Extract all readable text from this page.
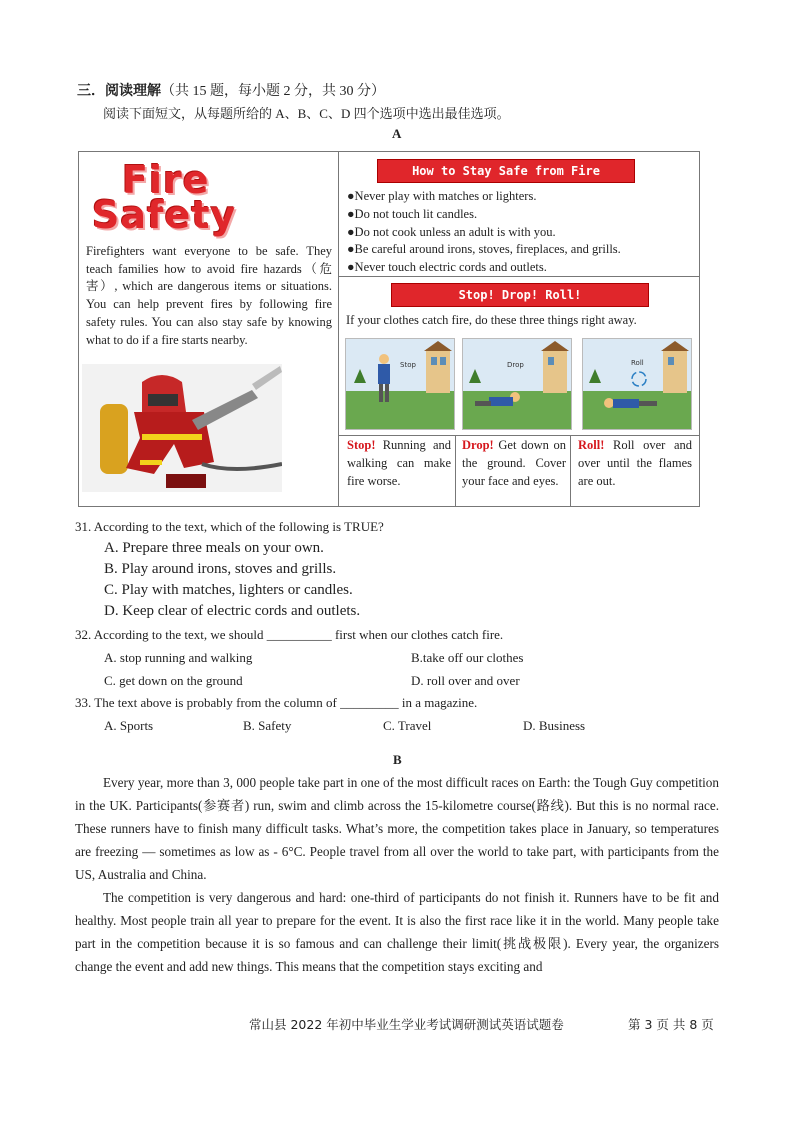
三．阅读理解（共 15 题，每小题 2 分，共 30 分）
阅读下面短文，从每题所给的 A、B、C、D 四个选项中选出最佳选项。
A
Fire
Safety
Firefighters want everyone to be safe. They teach families how to avoid fire hazards（危害）, which are dangerous items or situations. You can help prevent fires by following fire safety rules. You can also stay safe by knowing what to do if a fire starts nearby.
How to Stay Safe from Fire
●Never play with matches or lighters.
●Do not touch lit candles.
●Do not cook unless an adult is with you.
●Be careful around irons, stoves, fireplaces, and grills.
●Never touch electric cords and outlets.
Stop! Drop! Roll!
If your clothes catch fire, do these three things right away.
Stop	Drop	Roll
Stop! Running and walking can make fire worse.
Drop! Get down on the ground. Cover your face and eyes.
Roll! Roll over and over until the flames are out.
31. According to the text, which of the following is TRUE?
A. Prepare three meals on your own.
B. Play around irons, stoves and grills.
C. Play with matches, lighters or candles.
D. Keep clear of electric cords and outlets.
32. According to the text, we should __________ first when our clothes catch fire.
A. stop running and walking	B.take off our clothes
C. get down on the ground	D. roll over and over
33. The text above is probably from the column of _________ in a magazine.
A. Sports	B. Safety	C. Travel	D. Business
B

Every year, more than 3, 000 people take part in one of the most difficult races on Earth: the Tough Guy competition in the UK. Participants(参赛者) run, swim and climb across the 15-kilometre course(路线). But this is no normal race. These runners have to finish many difficult tasks. What’s more, the competition takes place in January, so temperatures are freezing — sometimes as low as - 6°C. People travel from all over the world to take part, with participants from the US, Australia and China.

The competition is very dangerous and hard: one-third of participants do not finish it. Runners have to be fit and healthy. Most people train all year to prepare for the event. It is also the first race like it in the world. Many people take part in the competition because it is so famous and can challenge their limit(挑战极限). Every year, the organizers change the event and add new things. This means that the competition stays exciting and

常山县 2022 年初中毕业生学业考试调研测试英语试题卷	第 3 页 共 8 页
